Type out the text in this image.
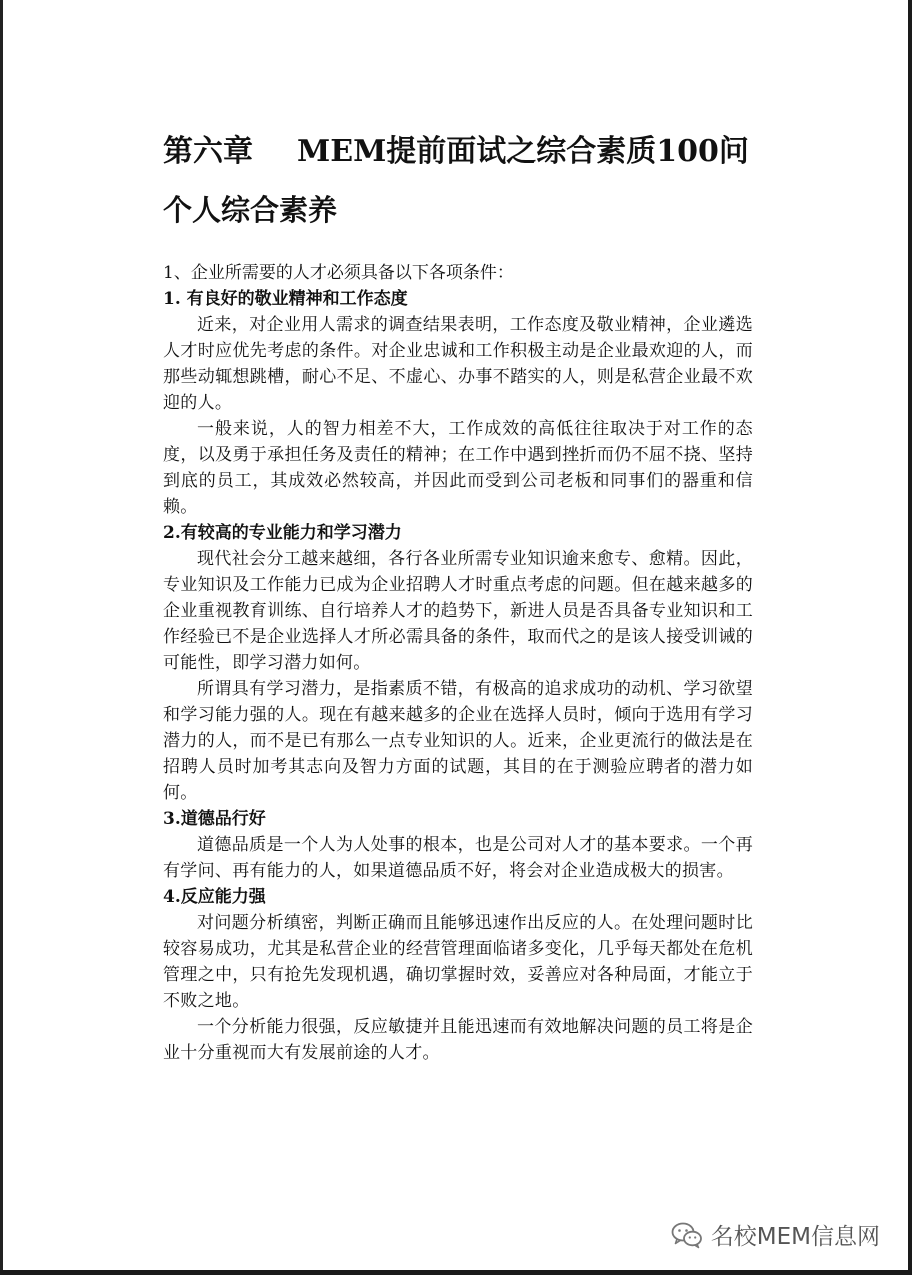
第六章 MEM提前面试之综合素质100问
个人综合素养
1、企业所需要的人才必须具备以下各项条件：
1. 有良好的敬业精神和工作态度

近来，对企业用人需求的调查结果表明，工作态度及敬业精神，企业遴选人才时应优先考虑的条件。对企业忠诚和工作积极主动是企业最欢迎的人，而那些动辄想跳槽，耐心不足、不虚心、办事不踏实的人，则是私营企业最不欢迎的人。

一般来说，人的智力相差不大，工作成效的高低往往取决于对工作的态度，以及勇于承担任务及责任的精神；在工作中遇到挫折而仍不屈不挠、坚持到底的员工，其成效必然较高，并因此而受到公司老板和同事们的器重和信赖。

2.有较高的专业能力和学习潜力

现代社会分工越来越细，各行各业所需专业知识逾来愈专、愈精。因此，专业知识及工作能力已成为企业招聘人才时重点考虑的问题。但在越来越多的企业重视教育训练、自行培养人才的趋势下，新进人员是否具备专业知识和工作经验已不是企业选择人才所必需具备的条件，取而代之的是该人接受训诫的可能性，即学习潜力如何。

所谓具有学习潜力，是指素质不错，有极高的追求成功的动机、学习欲望和学习能力强的人。现在有越来越多的企业在选择人员时，倾向于选用有学习潜力的人，而不是已有那么一点专业知识的人。近来，企业更流行的做法是在招聘人员时加考其志向及智力方面的试题，其目的在于测验应聘者的潜力如何。

3.道德品行好

道德品质是一个人为人处事的根本，也是公司对人才的基本要求。一个再有学问、再有能力的人，如果道德品质不好，将会对企业造成极大的损害。

4.反应能力强

对问题分析缜密，判断正确而且能够迅速作出反应的人。在处理问题时比较容易成功，尤其是私营企业的经营管理面临诸多变化，几乎每天都处在危机管理之中，只有抢先发现机遇，确切掌握时效，妥善应对各种局面，才能立于不败之地。

一个分析能力很强，反应敏捷并且能迅速而有效地解决问题的员工将是企业十分重视而大有发展前途的人才。

名校MEM信息网
